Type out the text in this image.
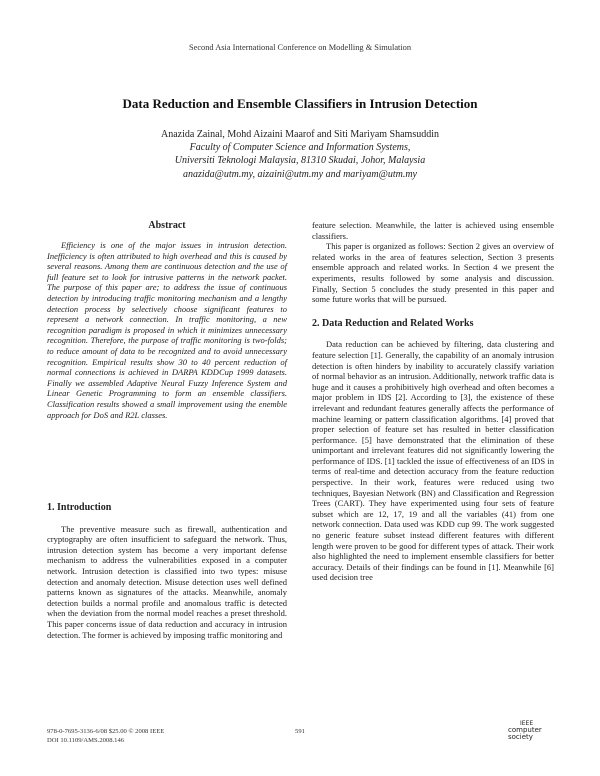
Second Asia International Conference on Modelling & Simulation
Data Reduction and Ensemble Classifiers in Intrusion Detection
Anazida Zainal, Mohd Aizaini Maarof and Siti Mariyam Shamsuddin
Faculty of Computer Science and Information Systems,
Universiti Teknologi Malaysia, 81310 Skudai, Johor, Malaysia
anazida@utm.my, aizaini@utm.my and mariyam@utm.my
Abstract

Efficiency is one of the major issues in intrusion detection. Inefficiency is often attributed to high overhead and this is caused by several reasons. Among them are continuous detection and the use of full feature set to look for intrusive patterns in the network packet. The purpose of this paper are; to address the issue of continuous detection by introducing traffic monitoring mechanism and a lengthy detection process by selectively choose significant features to represent a network connection. In traffic monitoring, a new recognition paradigm is proposed in which it minimizes unnecessary recognition. Therefore, the purpose of traffic monitoring is two-folds; to reduce amount of data to be recognized and to avoid unnecessary recognition. Empirical results show 30 to 40 percent reduction of normal connections is achieved in DARPA KDDCup 1999 datasets. Finally we assembled Adaptive Neural Fuzzy Inference System and Linear Genetic Programming to form an ensemble classifiers. Classification results showed a small improvement using the enemble approach for DoS and R2L classes.

1. Introduction

The preventive measure such as firewall, authentication and cryptography are often insufficient to safeguard the network. Thus, intrusion detection system has become a very important defense mechanism to address the vulnerabilities exposed in a computer network. Intrusion detection is classified into two types: misuse detection and anomaly detection. Misuse detection uses well defined patterns known as signatures of the attacks. Meanwhile, anomaly detection builds a normal profile and anomalous traffic is detected when the deviation from the normal model reaches a preset threshold. This paper concerns issue of data reduction and accuracy in intrusion detection. The former is achieved by imposing traffic monitoring and

feature selection. Meanwhile, the latter is achieved using ensemble classifiers.

This paper is organized as follows: Section 2 gives an overview of related works in the area of features selection, Section 3 presents ensemble approach and related works. In Section 4 we present the experiments, results followed by some analysis and discussion. Finally, Section 5 concludes the study presented in this paper and some future works that will be pursued.

2. Data Reduction and Related Works

Data reduction can be achieved by filtering, data clustering and feature selection [1]. Generally, the capability of an anomaly intrusion detection is often hinders by inability to accurately classify variation of normal behavior as an intrusion. Additionally, network traffic data is huge and it causes a prohibitively high overhead and often becomes a major problem in IDS [2]. According to [3], the existence of these irrelevant and redundant features generally affects the performance of machine learning or pattern classification algorithms. [4] proved that proper selection of feature set has resulted in better classification performance. [5] have demonstrated that the elimination of these unimportant and irrelevant features did not significantly lowering the performance of IDS. [1] tackled the issue of effectiveness of an IDS in terms of real-time and detection accuracy from the feature reduction perspective. In their work, features were reduced using two techniques, Bayesian Network (BN) and Classification and Regression Trees (CART). They have experimented using four sets of feature subset which are 12, 17, 19 and all the variables (41) from one network connection. Data used was KDD cup 99. The work suggested no generic feature subset instead different features with different length were proven to be good for different types of attack. Their work also highlighted the need to implement ensemble classifiers for better accuracy. Details of their findings can be found in [1]. Meanwhile [6] used decision tree

978-0-7695-3136-6/08 $25.00 © 2008 IEEE
DOI 10.1109/AMS.2008.146
591
IEEE
computer society
